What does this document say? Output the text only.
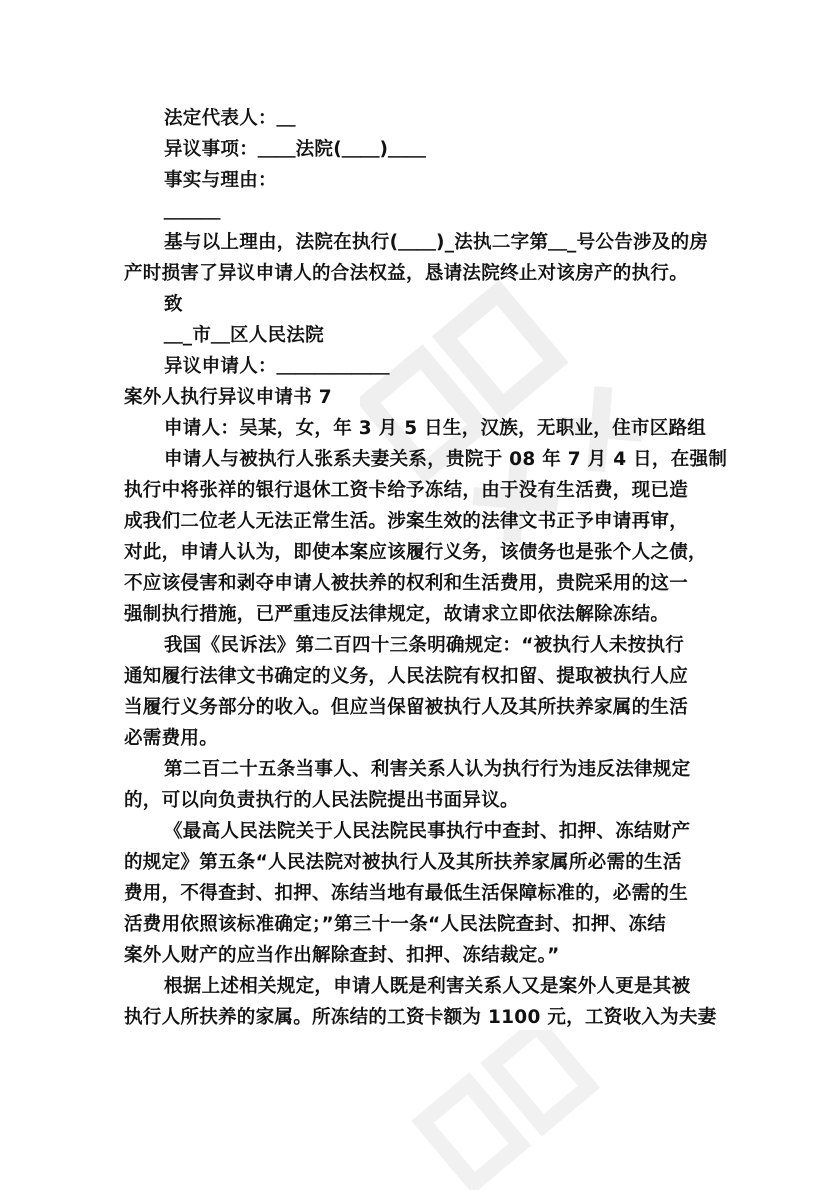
法定代表人：＿
异议事项：＿＿法院(＿＿)＿＿
事实与理由：
＿＿＿
基与以上理由，法院在执行(＿＿)_法执二字第＿_号公告涉及的房
产时损害了异议申请人的合法权益，恳请法院终止对该房产的执行。
致
＿_市＿区人民法院
异议申请人：＿＿＿＿＿＿
案外人执行异议申请书 7
申请人：吴某，女，年 3 月 5 日生，汉族，无职业，住市区路组
申请人与被执行人张系夫妻关系，贵院于 08 年 7 月 4 日，在强制
执行中将张祥的银行退休工资卡给予冻结，由于没有生活费，现已造
成我们二位老人无法正常生活。涉案生效的法律文书正予申请再审，
对此，申请人认为，即使本案应该履行义务，该债务也是张个人之债，
不应该侵害和剥夺申请人被扶养的权利和生活费用，贵院采用的这一
强制执行措施，已严重违反法律规定，故请求立即依法解除冻结。
我国《民诉法》第二百四十三条明确规定：“被执行人未按执行
通知履行法律文书确定的义务，人民法院有权扣留、提取被执行人应
当履行义务部分的收入。但应当保留被执行人及其所扶养家属的生活
必需费用。
第二百二十五条当事人、利害关系人认为执行行为违反法律规定
的，可以向负责执行的人民法院提出书面异议。
《最高人民法院关于人民法院民事执行中查封、扣押、冻结财产
的规定》第五条“人民法院对被执行人及其所扶养家属所必需的生活
费用，不得查封、扣押、冻结当地有最低生活保障标准的，必需的生
活费用依照该标准确定；”第三十一条“人民法院查封、扣押、冻结
案外人财产的应当作出解除查封、扣押、冻结裁定。”
根据上述相关规定，申请人既是利害关系人又是案外人更是其被
执行人所扶养的家属。所冻结的工资卡额为 1100 元，工资收入为夫妻
